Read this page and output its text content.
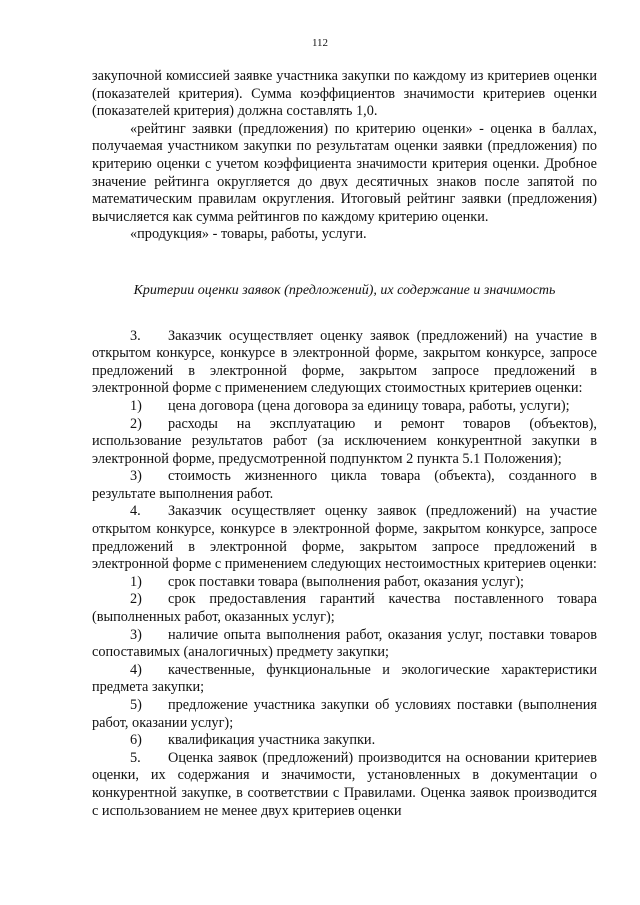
112

закупочной комиссией заявке участника закупки по каждому из критериев оценки (показателей критерия). Сумма коэффициентов значимости критериев оценки (показателей критерия) должна составлять 1,0.

«рейтинг заявки (предложения) по критерию оценки» - оценка в баллах, получаемая участником закупки по результатам оценки заявки (предложения) по критерию оценки с учетом коэффициента значимости критерия оценки. Дробное значение рейтинга округляется до двух десятичных знаков после запятой по математическим правилам округления. Итоговый рейтинг заявки (предложения) вычисляется как сумма рейтингов по каждому критерию оценки.

«продукция» - товары, работы, услуги.

Критерии оценки заявок (предложений), их содержание и значимость

3. Заказчик осуществляет оценку заявок (предложений) на участие в открытом конкурсе, конкурсе в электронной форме, закрытом конкурсе, запросе предложений в электронной форме, закрытом запросе предложений в электронной форме с применением следующих стоимостных критериев оценки:

1) цена договора (цена договора за единицу товара, работы, услуги);

2) расходы на эксплуатацию и ремонт товаров (объектов), использование результатов работ (за исключением конкурентной закупки в электронной форме, предусмотренной подпунктом 2 пункта 5.1 Положения);

3) стоимость жизненного цикла товара (объекта), созданного в результате выполнения работ.

4. Заказчик осуществляет оценку заявок (предложений) на участие открытом конкурсе, конкурсе в электронной форме, закрытом конкурсе, запросе предложений в электронной форме, закрытом запросе предложений в электронной форме с применением следующих нестоимостных критериев оценки:

1) срок поставки товара (выполнения работ, оказания услуг);

2) срок предоставления гарантий качества поставленного товара (выполненных работ, оказанных услуг);

3) наличие опыта выполнения работ, оказания услуг, поставки товаров сопоставимых (аналогичных) предмету закупки;

4) качественные, функциональные и экологические характеристики предмета закупки;

5) предложение участника закупки об условиях поставки (выполнения работ, оказании услуг);

6) квалификация участника закупки.

5. Оценка заявок (предложений) производится на основании критериев оценки, их содержания и значимости, установленных в документации о конкурентной закупке, в соответствии с Правилами. Оценка заявок производится с использованием не менее двух критериев оценки
